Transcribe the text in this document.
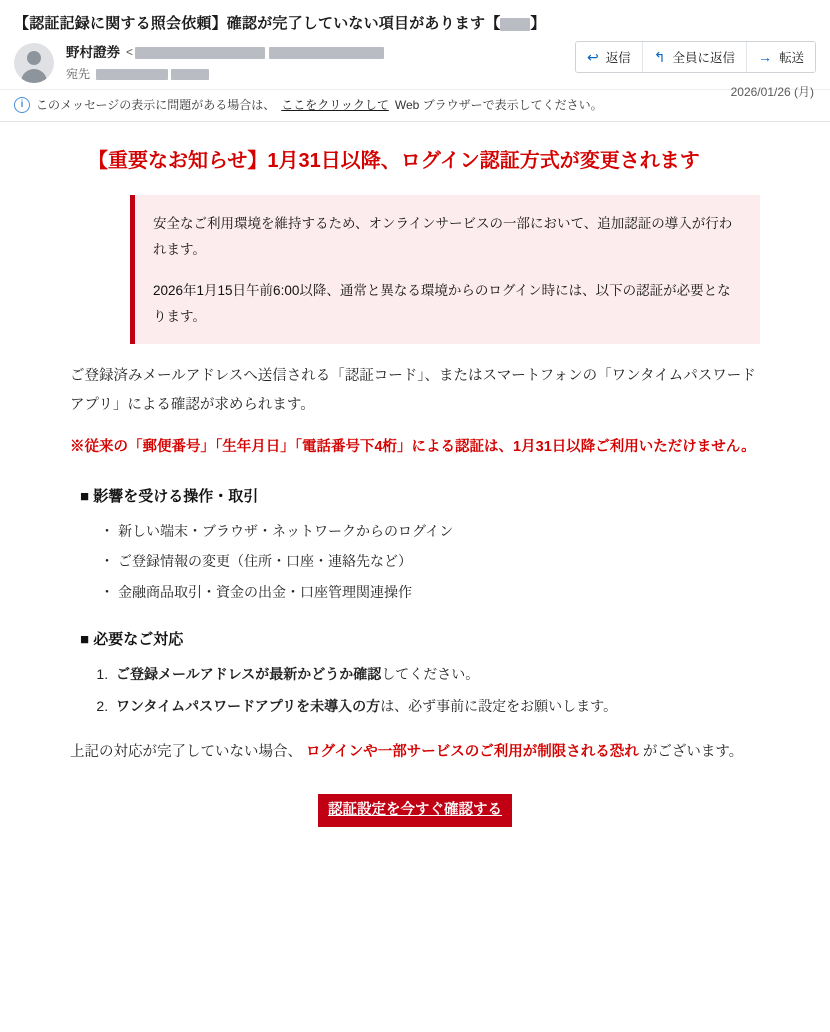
【認証記録に関する照会依頼】確認が完了していない項目があります【 】
野村證券 <
宛先
↩ 返信 ↰ 全員に返信 → 転送
2026/01/26 (月)
i	このメッセージの表示に問題がある場合は、 ここをクリックして Web ブラウザーで表示してください。
【重要なお知らせ】1月31日以降、ログイン認証方式が変更されます

安全なご利用環境を維持するため、オンラインサービスの一部において、追加認証の導入が行われます。

2026年1月15日午前6:00以降、通常と異なる環境からのログイン時には、以下の認証が必要となります。

ご登録済みメールアドレスへ送信される「認証コード」、またはスマートフォンの「ワンタイムパスワードアプリ」による確認が求められます。

※従来の「郵便番号」「生年月日」「電話番号下4桁」による認証は、1月31日以降ご利用いただけません。

■ 影響を受ける操作・取引
・ 新しい端末・ブラウザ・ネットワークからのログイン
・ ご登録情報の変更（住所・口座・連絡先など）
・ 金融商品取引・資金の出金・口座管理関連操作
■ 必要なご対応
1. ご登録メールアドレスが最新かどうか確認してください。
2. ワンタイムパスワードアプリを未導入の方は、必ず事前に設定をお願いします。

上記の対応が完了していない場合、 ログインや一部サービスのご利用が制限される恐れ がございます。

認証設定を今すぐ確認する
